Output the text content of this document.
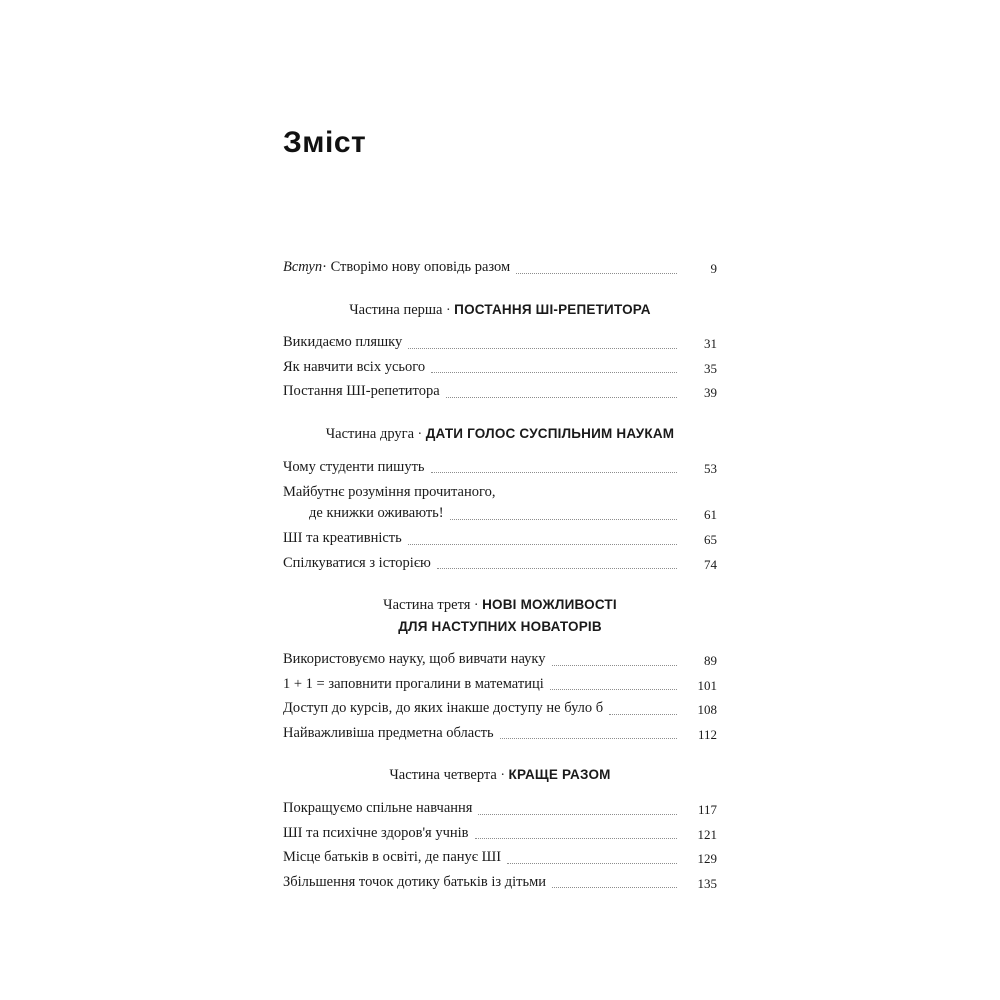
Зміст
Вступ· Створімо нову оповідь разом	9
Частина перша · ПОСТАННЯ ШІ-РЕПЕТИТОРА
Викидаємо пляшку	31
Як навчити всіх усього	35
Постання ШІ-репетитора	39
Частина друга · ДАТИ ГОЛОС СУСПІЛЬНИМ НАУКАМ
Чому студенти пишуть	53
Майбутнє розуміння прочитаного,
де книжки оживають!	61
ШІ та креативність	65
Спілкуватися з історією	74
Частина третя · НОВІ МОЖЛИВОСТІ
ДЛЯ НАСТУПНИХ НОВАТОРІВ
Використовуємо науку, щоб вивчати науку	89
1 + 1 = заповнити прогалини в математиці	101
Доступ до курсів, до яких інакше доступу не було б	108
Найважливіша предметна область	112
Частина четверта · КРАЩЕ РАЗОМ
Покращуємо спільне навчання	117
ШІ та психічне здоров'я учнів	121
Місце батьків в освіті, де панує ШІ	129
Збільшення точок дотику батьків із дітьми	135
